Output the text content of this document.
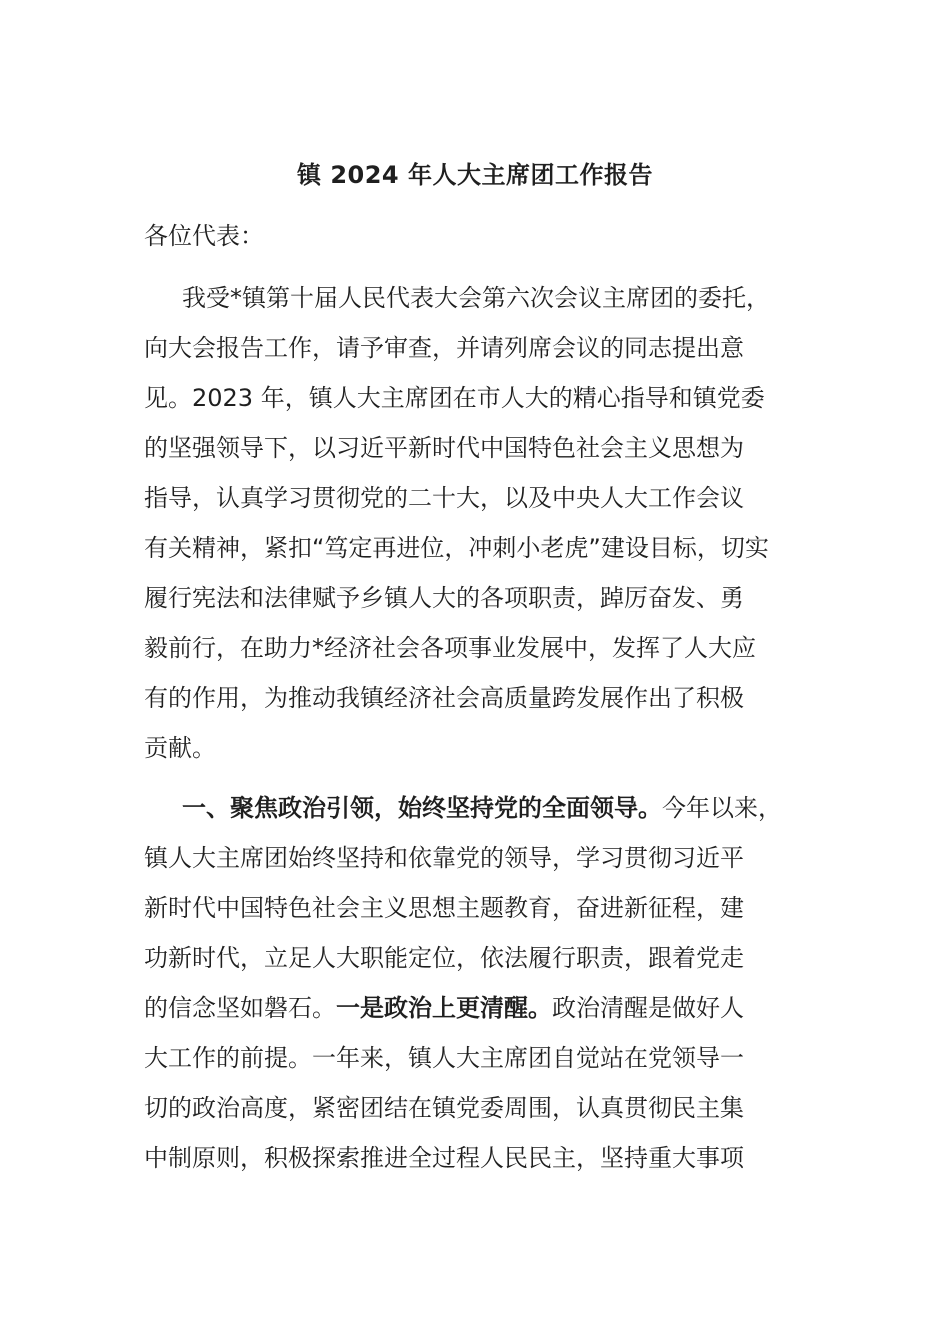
镇 2024 年人大主席团工作报告
各位代表：

我受*镇第十届人民代表大会第六次会议主席团的委托，
向大会报告工作，请予审查，并请列席会议的同志提出意
见。2023 年，镇人大主席团在市人大的精心指导和镇党委
的坚强领导下，以习近平新时代中国特色社会主义思想为
指导，认真学习贯彻党的二十大，以及中央人大工作会议
有关精神，紧扣“笃定再进位，冲刺小老虎”建设目标，切实
履行宪法和法律赋予乡镇人大的各项职责，踔厉奋发、勇
毅前行，在助力*经济社会各项事业发展中，发挥了人大应
有的作用，为推动我镇经济社会高质量跨发展作出了积极
贡献。

一、聚焦政治引领，始终坚持党的全面领导。今年以来，
镇人大主席团始终坚持和依靠党的领导，学习贯彻习近平
新时代中国特色社会主义思想主题教育，奋进新征程，建
功新时代，立足人大职能定位，依法履行职责，跟着党走
的信念坚如磐石。一是政治上更清醒。政治清醒是做好人
大工作的前提。一年来，镇人大主席团自觉站在党领导一
切的政治高度，紧密团结在镇党委周围，认真贯彻民主集
中制原则，积极探索推进全过程人民民主，坚持重大事项
